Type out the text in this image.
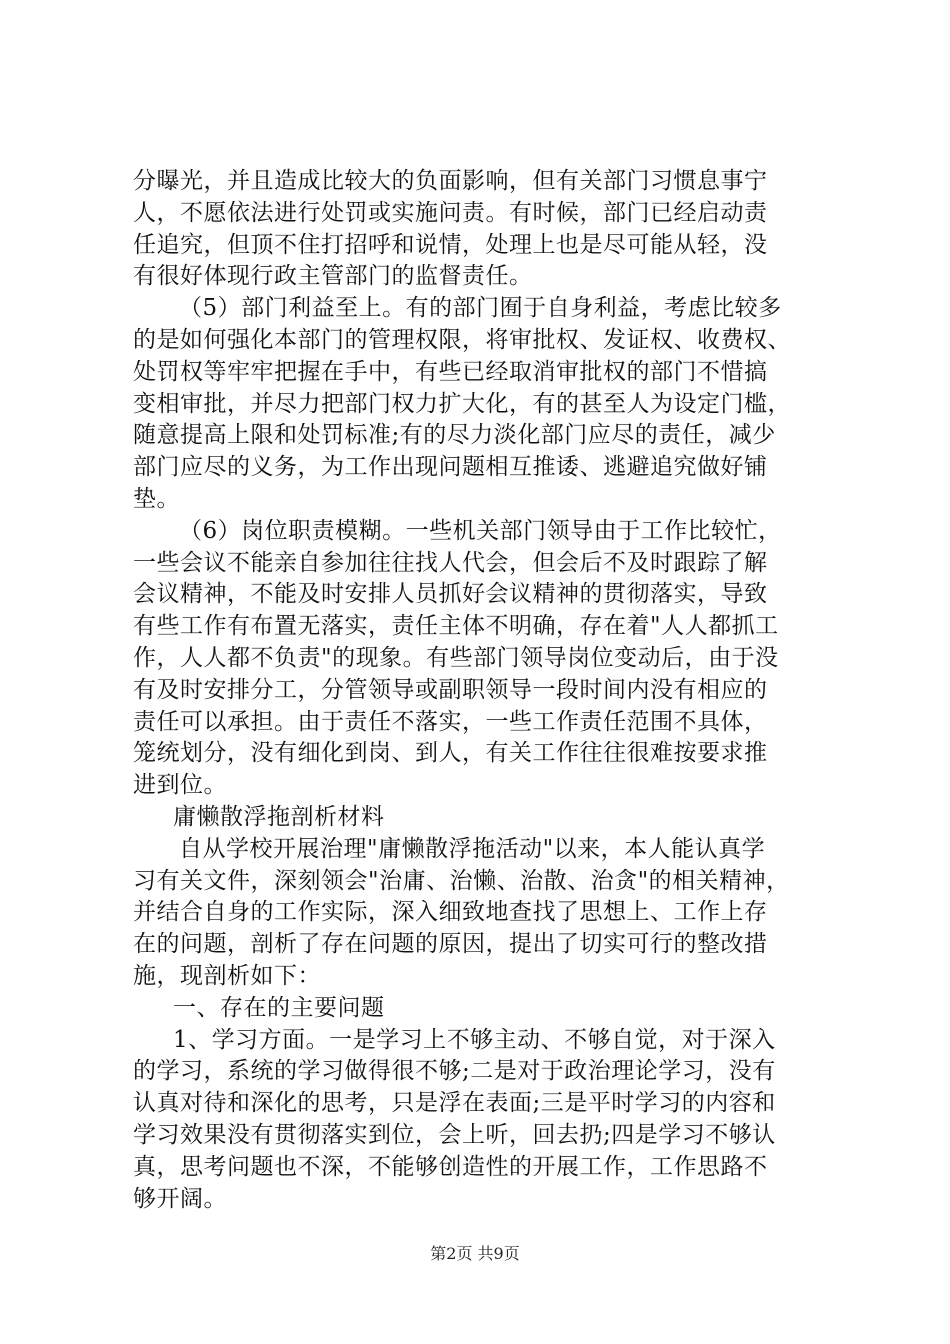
分曝光，并且造成比较大的负面影响，但有关部门习惯息事宁
人，不愿依法进行处罚或实施问责。有时候，部门已经启动责
任追究，但顶不住打招呼和说情，处理上也是尽可能从轻，没
有很好体现行政主管部门的监督责任。
（5）部门利益至上。有的部门囿于自身利益，考虑比较多
的是如何强化本部门的管理权限，将审批权、发证权、收费权、
处罚权等牢牢把握在手中，有些已经取消审批权的部门不惜搞
变相审批，并尽力把部门权力扩大化，有的甚至人为设定门槛，
随意提高上限和处罚标准;有的尽力淡化部门应尽的责任，减少
部门应尽的义务，为工作出现问题相互推诿、逃避追究做好铺
垫。
（6）岗位职责模糊。一些机关部门领导由于工作比较忙，
一些会议不能亲自参加往往找人代会，但会后不及时跟踪了解
会议精神，不能及时安排人员抓好会议精神的贯彻落实，导致
有些工作有布置无落实，责任主体不明确，存在着"人人都抓工
作，人人都不负责"的现象。有些部门领导岗位变动后，由于没
有及时安排分工，分管领导或副职领导一段时间内没有相应的
责任可以承担。由于责任不落实，一些工作责任范围不具体，
笼统划分，没有细化到岗、到人，有关工作往往很难按要求推
进到位。
庸懒散浮拖剖析材料
自从学校开展治理"庸懒散浮拖活动"以来，本人能认真学
习有关文件，深刻领会"治庸、治懒、治散、治贪"的相关精神，
并结合自身的工作实际，深入细致地查找了思想上、工作上存
在的问题，剖析了存在问题的原因，提出了切实可行的整改措
施，现剖析如下：
一、存在的主要问题
1、学习方面。一是学习上不够主动、不够自觉，对于深入
的学习，系统的学习做得很不够;二是对于政治理论学习，没有
认真对待和深化的思考，只是浮在表面;三是平时学习的内容和
学习效果没有贯彻落实到位，会上听，回去扔;四是学习不够认
真，思考问题也不深，不能够创造性的开展工作，工作思路不
够开阔。
第2页 共9页
